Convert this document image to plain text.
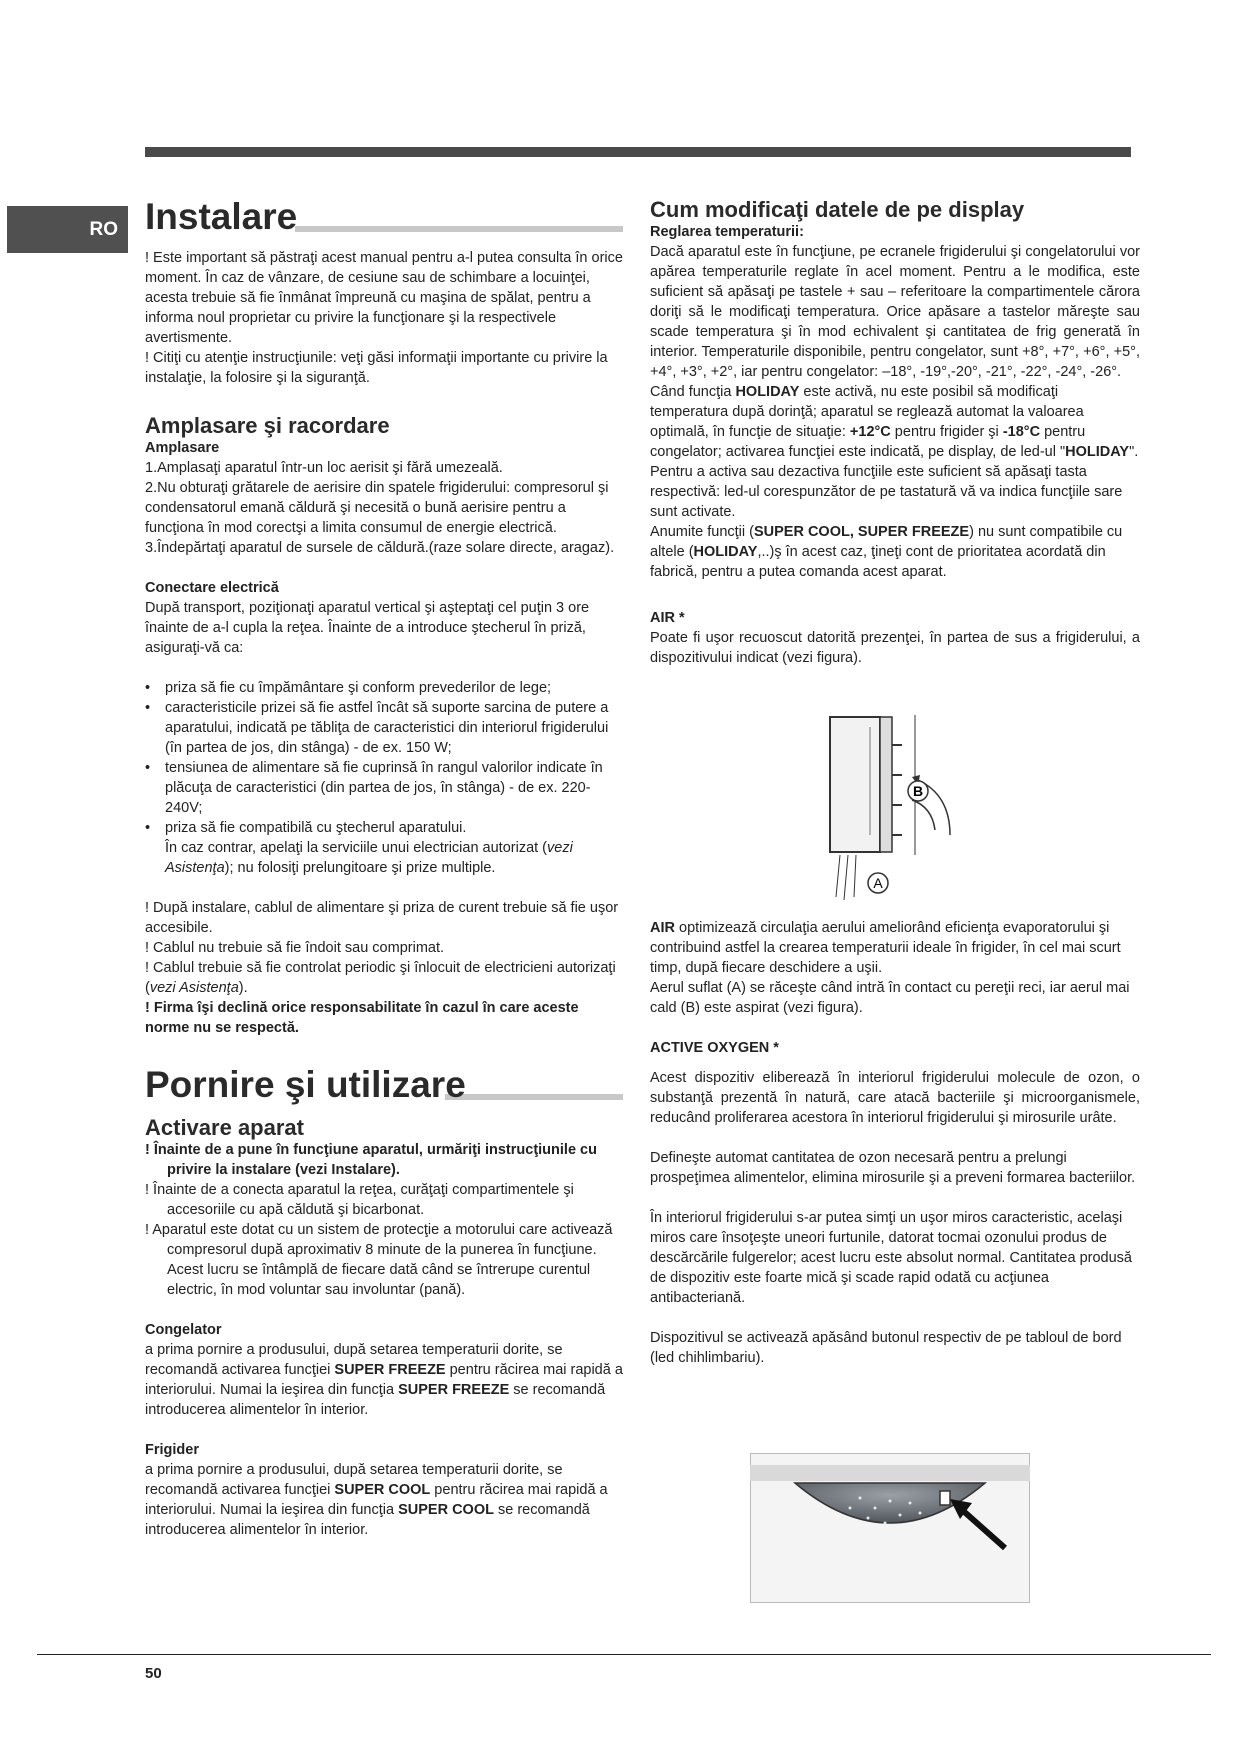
RO Instalare

! Este important să păstraţi acest manual pentru a-l putea consulta în orice moment. În caz de vânzare, de cesiune sau de schimbare a locuinţei, acesta trebuie să fie înmânat împreună cu maşina de spălat, pentru a informa noul proprietar cu privire la funcţionare şi la respectivele avertismente.

! Citiţi cu atenţie instrucţiunile: veţi găsi informaţii importante cu privire la instalaţie, la folosire şi la siguranţă.

Amplasare şi racordare

Amplasare

1.Amplasaţi aparatul într-un loc aerisit şi fără umezeală.

2.Nu obturaţi grătarele de aerisire din spatele frigiderului: compresorul şi condensatorul emană căldură şi necesită o bună aerisire pentru a funcţiona în mod corectşi a limita consumul de energie electrică.

3.Îndepărtaţi aparatul de sursele de căldură.(raze solare directe, aragaz).

Conectare electrică

După transport, poziţionaţi aparatul vertical şi aşteptaţi cel puţin 3 ore înainte de a-l cupla la reţea. Înainte de a introduce ştecherul în priză, asiguraţi-vă ca:

• priza să fie cu împământare şi conform prevederilor de lege;
• caracteristicile prizei să fie astfel încât să suporte sarcina de putere a aparatului, indicată pe tăbliţa de caracteristici din interiorul frigiderului (în partea de jos, din stânga) - de ex. 150 W;
• tensiunea de alimentare să fie cuprinsă în rangul valorilor indicate în plăcuţa de caracteristici (din partea de jos, în stânga) - de ex. 220-240V;
• priza să fie compatibilă cu ştecherul aparatului.

În caz contrar, apelaţi la serviciile unui electrician autorizat (vezi Asistenţa); nu folosiţi prelungitoare şi prize multiple.

! După instalare, cablul de alimentare şi priza de curent trebuie să fie uşor accesibile.

! Cablul nu trebuie să fie îndoit sau comprimat.

! Cablul trebuie să fie controlat periodic şi înlocuit de electricieni autorizaţi (vezi Asistenţa).

! Firma îşi declină orice responsabilitate în cazul în care aceste norme nu se respectă.

Pornire şi utilizare
Activare aparat

! Înainte de a pune în funcţiune aparatul, urmăriţi instrucţiunile cu privire la instalare (vezi Instalare).

! Înainte de a conecta aparatul la reţea, curăţaţi compartimentele şi accesoriile cu apă căldută şi bicarbonat.

! Aparatul este dotat cu un sistem de protecţie a motorului care activează compresorul după aproximativ 8 minute de la punerea în funcţiune. Acest lucru se întâmplă de fiecare dată când se întrerupe curentul electric, în mod voluntar sau involuntar (pană).

Congelator

a prima pornire a produsului, după setarea temperaturii dorite, se recomandă activarea funcţiei SUPER FREEZE pentru răcirea mai rapidă a interiorului. Numai la ieşirea din funcţia SUPER FREEZE se recomandă introducerea alimentelor în interior.

Frigider

a prima pornire a produsului, după setarea temperaturii dorite, se recomandă activarea funcţiei SUPER COOL pentru răcirea mai rapidă a interiorului. Numai la ieşirea din funcţia SUPER COOL se recomandă introducerea alimentelor în interior.

Cum modificaţi datele de pe display

Reglarea temperaturii:

Dacă aparatul este în funcţiune, pe ecranele frigiderului şi congelatorului vor apărea temperaturile reglate în acel moment. Pentru a le modifica, este suficient să apăsaţi pe tastele + sau – referitoare la compartimentele cărora doriţi să le modificaţi temperatura. Orice apăsare a tastelor măreşte sau scade temperatura şi în mod echivalent şi cantitatea de frig generată în interior. Temperaturile disponibile, pentru congelator, sunt +8°, +7°, +6°, +5°, +4°, +3°, +2°, iar pentru congelator: –18°, -19°,-20°, -21°, -22°, -24°, -26°.

Când funcţia HOLIDAY este activă, nu este posibil să modificaţi temperatura după dorinţă; aparatul se reglează automat la valoarea optimală, în funcţie de situaţie: +12°C pentru frigider şi -18°C pentru congelator; activarea funcţiei este indicată, pe display, de led-ul "HOLIDAY".

Pentru a activa sau dezactiva funcţiile este suficient să apăsaţi tasta respectivă: led-ul corespunzător de pe tastatură vă va indica funcţiile sare sunt activate.

Anumite funcţii (SUPER COOL, SUPER FREEZE) nu sunt compatibile cu altele (HOLIDAY,..)ş în acest caz, ţineţi cont de prioritatea acordată din fabrică, pentru a putea comanda acest aparat.

AIR *

Poate fi uşor recuoscut datorită prezenţei, în partea de sus a frigiderului, a dispozitivului indicat (vezi figura).

AIR optimizează circulaţia aerului ameliorând eficienţa evaporatorului şi contribuind astfel la crearea temperaturii ideale în frigider, în cel mai scurt timp, după fiecare deschidere a uşii.

Aerul suflat (A) se răceşte când intră în contact cu pereţii reci, iar aerul mai cald (B) este aspirat (vezi figura).

ACTIVE OXYGEN *

Acest dispozitiv eliberează în interiorul frigiderului molecule de ozon, o substanţă prezentă în natură, care atacă bacteriile şi microorganismele, reducând proliferarea acestora în interiorul frigiderului şi mirosurile urâte.

Defineşte automat cantitatea de ozon necesară pentru a prelungi prospeţimea alimentelor, elimina mirosurile şi a preveni formarea bacteriilor.

În interiorul frigiderului s-ar putea simţi un uşor miros caracteristic, acelaşi miros care însoţeşte uneori furtunile, datorat tocmai ozonului produs de descărcările fulgerelor; acest lucru este absolut normal. Cantitatea produsă de dispozitiv este foarte mică şi scade rapid odată cu acţiunea antibacteriană.

Dispozitivul se activează apăsând butonul respectiv de pe tabloul de bord (led chihlimbariu).

B
A
50
